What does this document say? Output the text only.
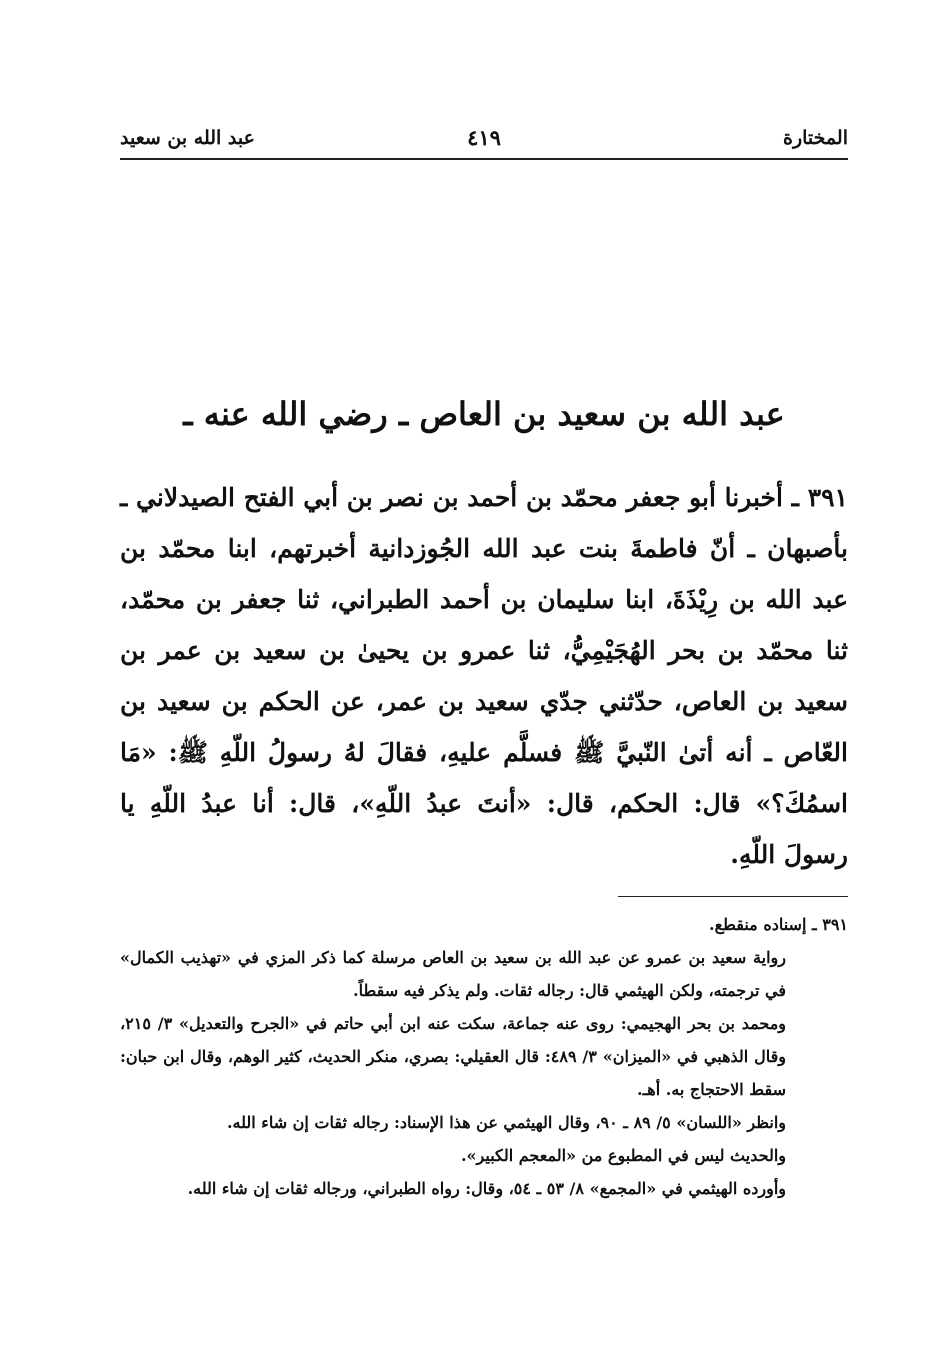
المختارة
٤١٩
عبد الله بن سعيد
عبد الله بن سعيد بن العاص ـ رضي الله عنه ـ
٣٩١ ـ أخبرنا أبو جعفر محمّد بن أحمد بن نصر بن أبي الفتح الصيدلاني ـ بأصبهان ـ أنّ فاطمةَ بنت عبد الله الجُوزدانية أخبرتهم، ابنا محمّد بن عبد الله بن رِيْذَةَ، ابنا سليمان بن أحمد الطبراني، ثنا جعفر بن محمّد، ثنا محمّد بن بحر الهُجَيْمِيُّ، ثنا عمرو بن يحيىٰ بن سعيد بن عمر بن سعيد بن العاص، حدّثني جدّي سعيد بن عمر، عن الحكم بن سعيد بن العّاص ـ أنه أتىٰ النّبيَّ ﷺ فسلَّم عليهِ، فقالَ لهُ رسولُ اللّهِ ﷺ: «مَا اسمُكَ؟» قال: الحكم، قال: «أنتَ عبدُ اللّهِ»، قال: أنا عبدُ اللّهِ يا رسولَ اللّهِ.
٣٩١ ـ إسناده منقطع.
رواية سعيد بن عمرو عن عبد الله بن سعيد بن العاص مرسلة كما ذكر المزي في «تهذيب الكمال» في ترجمته، ولكن الهيثمي قال: رجاله ثقات. ولم يذكر فيه سقطاً.
ومحمد بن بحر الهجيمي: روى عنه جماعة، سكت عنه ابن أبي حاتم في «الجرح والتعديل» ٣/ ٢١٥، وقال الذهبي في «الميزان» ٣/ ٤٨٩: قال العقيلي: بصري، منكر الحديث، كثير الوهم، وقال ابن حبان: سقط الاحتجاج به. أهـ.
وانظر «اللسان» ٥/ ٨٩ ـ ٩٠، وقال الهيثمي عن هذا الإسناد: رجاله ثقات إن شاء الله.
والحديث ليس في المطبوع من «المعجم الكبير».
وأورده الهيثمي في «المجمع» ٨/ ٥٣ ـ ٥٤، وقال: رواه الطبراني، ورجاله ثقات إن شاء الله.
